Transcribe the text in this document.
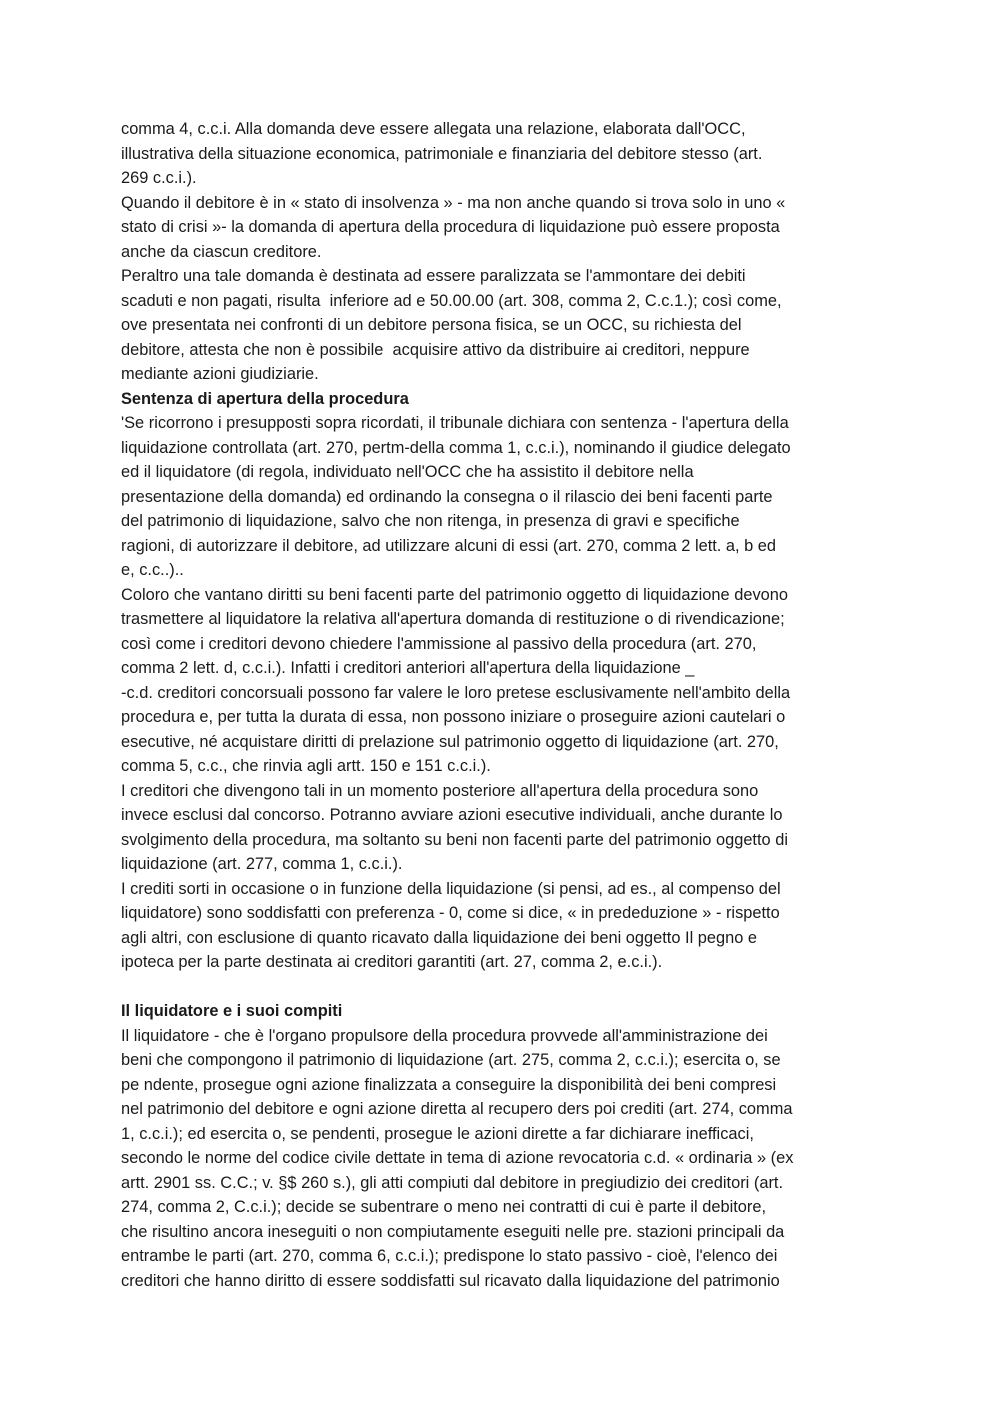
comma 4, c.c.i. Alla domanda deve essere allegata una relazione, elaborata dall'OCC,
illustrativa della situazione economica, patrimoniale e finanziaria del debitore stesso (art.
269 c.c.i.).
Quando il debitore è in « stato di insolvenza » - ma non anche quando si trova solo in uno «
stato di crisi »- la domanda di apertura della procedura di liquidazione può essere proposta
anche da ciascun creditore.
Peraltro una tale domanda è destinata ad essere paralizzata se l'ammontare dei debiti
scaduti e non pagati, risulta  inferiore ad e 50.00.00 (art. 308, comma 2, C.c.1.); così come,
ove presentata nei confronti di un debitore persona fisica, se un OCC, su richiesta del
debitore, attesta che non è possibile  acquisire attivo da distribuire ai creditori, neppure
mediante azioni giudiziarie.
Sentenza di apertura della procedura
'Se ricorrono i presupposti sopra ricordati, il tribunale dichiara con sentenza - l'apertura della
liquidazione controllata (art. 270, pertm-della comma 1, c.c.i.), nominando il giudice delegato
ed il liquidatore (di regola, individuato nell'OCC che ha assistito il debitore nella
presentazione della domanda) ed ordinando la consegna o il rilascio dei beni facenti parte
del patrimonio di liquidazione, salvo che non ritenga, in presenza di gravi e specifiche
ragioni, di autorizzare il debitore, ad utilizzare alcuni di essi (art. 270, comma 2 lett. a, b ed
e, c.c..)..
Coloro che vantano diritti su beni facenti parte del patrimonio oggetto di liquidazione devono
trasmettere al liquidatore la relativa all'apertura domanda di restituzione o di rivendicazione;
così come i creditori devono chiedere l'ammissione al passivo della procedura (art. 270,
comma 2 lett. d, c.c.i.). Infatti i creditori anteriori all'apertura della liquidazione _
-c.d. creditori concorsuali possono far valere le loro pretese esclusivamente nell'ambito della
procedura e, per tutta la durata di essa, non possono iniziare o proseguire azioni cautelari o
esecutive, né acquistare diritti di prelazione sul patrimonio oggetto di liquidazione (art. 270,
comma 5, c.c., che rinvia agli artt. 150 e 151 c.c.i.).
I creditori che divengono tali in un momento posteriore all'apertura della procedura sono
invece esclusi dal concorso. Potranno avviare azioni esecutive individuali, anche durante lo
svolgimento della procedura, ma soltanto su beni non facenti parte del patrimonio oggetto di
liquidazione (art. 277, comma 1, c.c.i.).
I crediti sorti in occasione o in funzione della liquidazione (si pensi, ad es., al compenso del
liquidatore) sono soddisfatti con preferenza - 0, come si dice, « in prededuzione » - rispetto
agli altri, con esclusione di quanto ricavato dalla liquidazione dei beni oggetto Il pegno e
ipoteca per la parte destinata ai creditori garantiti (art. 27, comma 2, e.c.i.).
Il liquidatore e i suoi compiti
Il liquidatore - che è l'organo propulsore della procedura provvede all'amministrazione dei
beni che compongono il patrimonio di liquidazione (art. 275, comma 2, c.c.i.); esercita o, se
pe ndente, prosegue ogni azione finalizzata a conseguire la disponibilità dei beni compresi
nel patrimonio del debitore e ogni azione diretta al recupero ders poi crediti (art. 274, comma
1, c.c.i.); ed esercita o, se pendenti, prosegue le azioni dirette a far dichiarare inefficaci,
secondo le norme del codice civile dettate in tema di azione revocatoria c.d. « ordinaria » (ex
artt. 2901 ss. C.C.; v. §$ 260 s.), gli atti compiuti dal debitore in pregiudizio dei creditori (art.
274, comma 2, C.c.i.); decide se subentrare o meno nei contratti di cui è parte il debitore,
che risultino ancora ineseguiti o non compiutamente eseguiti nelle pre. stazioni principali da
entrambe le parti (art. 270, comma 6, c.c.i.); predispone lo stato passivo - cioè, l'elenco dei
creditori che hanno diritto di essere soddisfatti sul ricavato dalla liquidazione del patrimonio
